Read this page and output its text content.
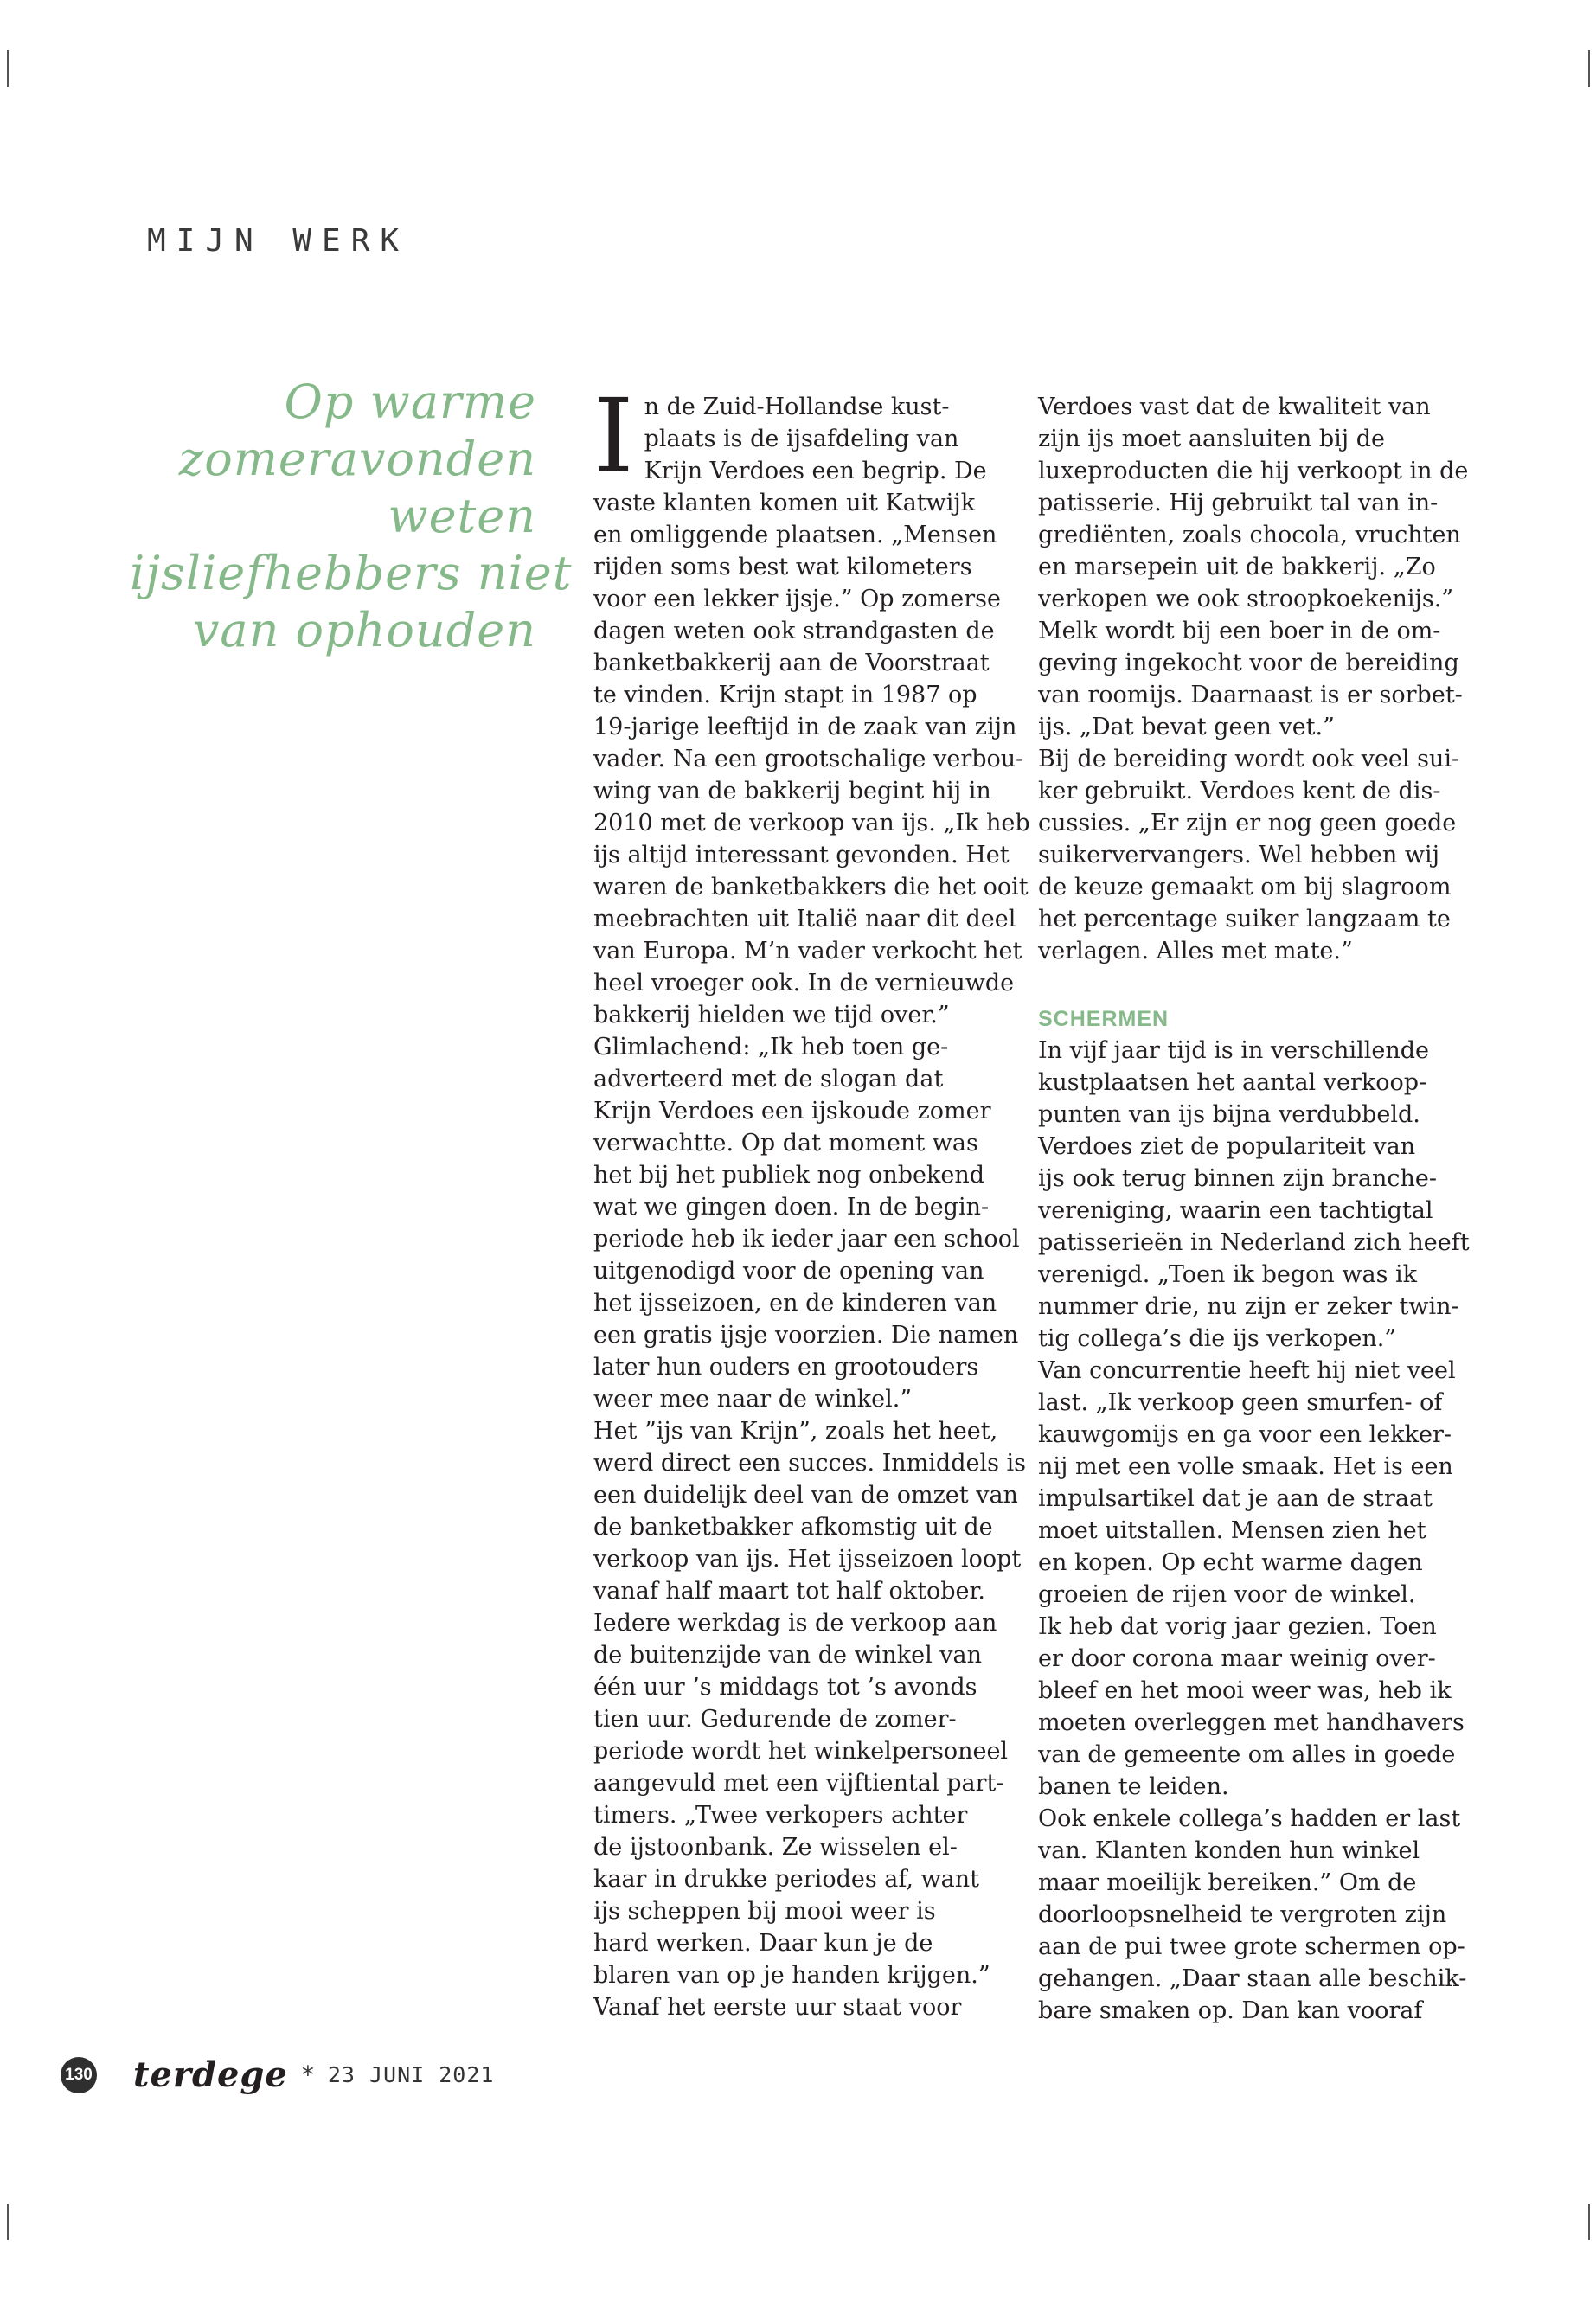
MIJN WERK
Op warme
zomeravonden
weten
ijsliefhebbers niet
van ophouden
I n de Zuid-Hollandse kust-
plaats is de ijsafdeling van
Krijn Verdoes een begrip. De
vaste klanten komen uit Katwijk
en omliggende plaatsen. „Mensen
rijden soms best wat kilometers
voor een lekker ijsje.” Op zomerse
dagen weten ook strandgasten de
banketbakkerij aan de Voorstraat
te vinden. Krijn stapt in 1987 op
19-jarige leeftijd in de zaak van zijn
vader. Na een grootschalige verbou-
wing van de bakkerij begint hij in
2010 met de verkoop van ijs. „Ik heb
ijs altijd interessant gevonden. Het
waren de banketbakkers die het ooit
meebrachten uit Italië naar dit deel
van Europa. M’n vader verkocht het
heel vroeger ook. In de vernieuwde
bakkerij hielden we tijd over.”
Glimlachend: „Ik heb toen ge-
adverteerd met de slogan dat
Krijn Verdoes een ijskoude zomer
verwachtte. Op dat moment was
het bij het publiek nog onbekend
wat we gingen doen. In de begin-
periode heb ik ieder jaar een school
uitgenodigd voor de opening van
het ijsseizoen, en de kinderen van
een gratis ijsje voorzien. Die namen
later hun ouders en grootouders
weer mee naar de winkel.”
Het ”ijs van Krijn”, zoals het heet,
werd direct een succes. Inmiddels is
een duidelijk deel van de omzet van
de banketbakker afkomstig uit de
verkoop van ijs. Het ijsseizoen loopt
vanaf half maart tot half oktober.
Iedere werkdag is de verkoop aan
de buitenzijde van de winkel van
één uur ’s middags tot ’s avonds
tien uur. Gedurende de zomer-
periode wordt het winkelpersoneel
aangevuld met een vijftiental part-
timers. „Twee verkopers achter
de ijstoonbank. Ze wisselen el-
kaar in drukke periodes af, want
ijs scheppen bij mooi weer is
hard werken. Daar kun je de
blaren van op je handen krijgen.”
Vanaf het eerste uur staat voor
Verdoes vast dat de kwaliteit van
zijn ijs moet aansluiten bij de
luxeproducten die hij verkoopt in de
patisserie. Hij gebruikt tal van in-
grediënten, zoals chocola, vruchten
en marsepein uit de bakkerij. „Zo
verkopen we ook stroopkoekenijs.”
Melk wordt bij een boer in de om-
geving ingekocht voor de bereiding
van roomijs. Daarnaast is er sorbet-
ijs. „Dat bevat geen vet.”
Bij de bereiding wordt ook veel sui-
ker gebruikt. Verdoes kent de dis-
cussies. „Er zijn er nog geen goede
suikervervangers. Wel hebben wij
de keuze gemaakt om bij slagroom
het percentage suiker langzaam te
verlagen. Alles met mate.”
SCHERMEN
In vijf jaar tijd is in verschillende
kustplaatsen het aantal verkoop-
punten van ijs bijna verdubbeld.
Verdoes ziet de populariteit van
ijs ook terug binnen zijn branche-
vereniging, waarin een tachtigtal
patisserieën in Nederland zich heeft
verenigd. „Toen ik begon was ik
nummer drie, nu zijn er zeker twin-
tig collega’s die ijs verkopen.”
Van concurrentie heeft hij niet veel
last. „Ik verkoop geen smurfen- of
kauwgomijs en ga voor een lekker-
nij met een volle smaak. Het is een
impulsartikel dat je aan de straat
moet uitstallen. Mensen zien het
en kopen. Op echt warme dagen
groeien de rijen voor de winkel.
Ik heb dat vorig jaar gezien. Toen
er door corona maar weinig over-
bleef en het mooi weer was, heb ik
moeten overleggen met handhavers
van de gemeente om alles in goede
banen te leiden.
Ook enkele collega’s hadden er last
van. Klanten konden hun winkel
maar moeilijk bereiken.” Om de
doorloopsnelheid te vergroten zijn
aan de pui twee grote schermen op-
gehangen. „Daar staan alle beschik-
bare smaken op. Dan kan vooraf
130 terdege * 23 JUNI 2021
